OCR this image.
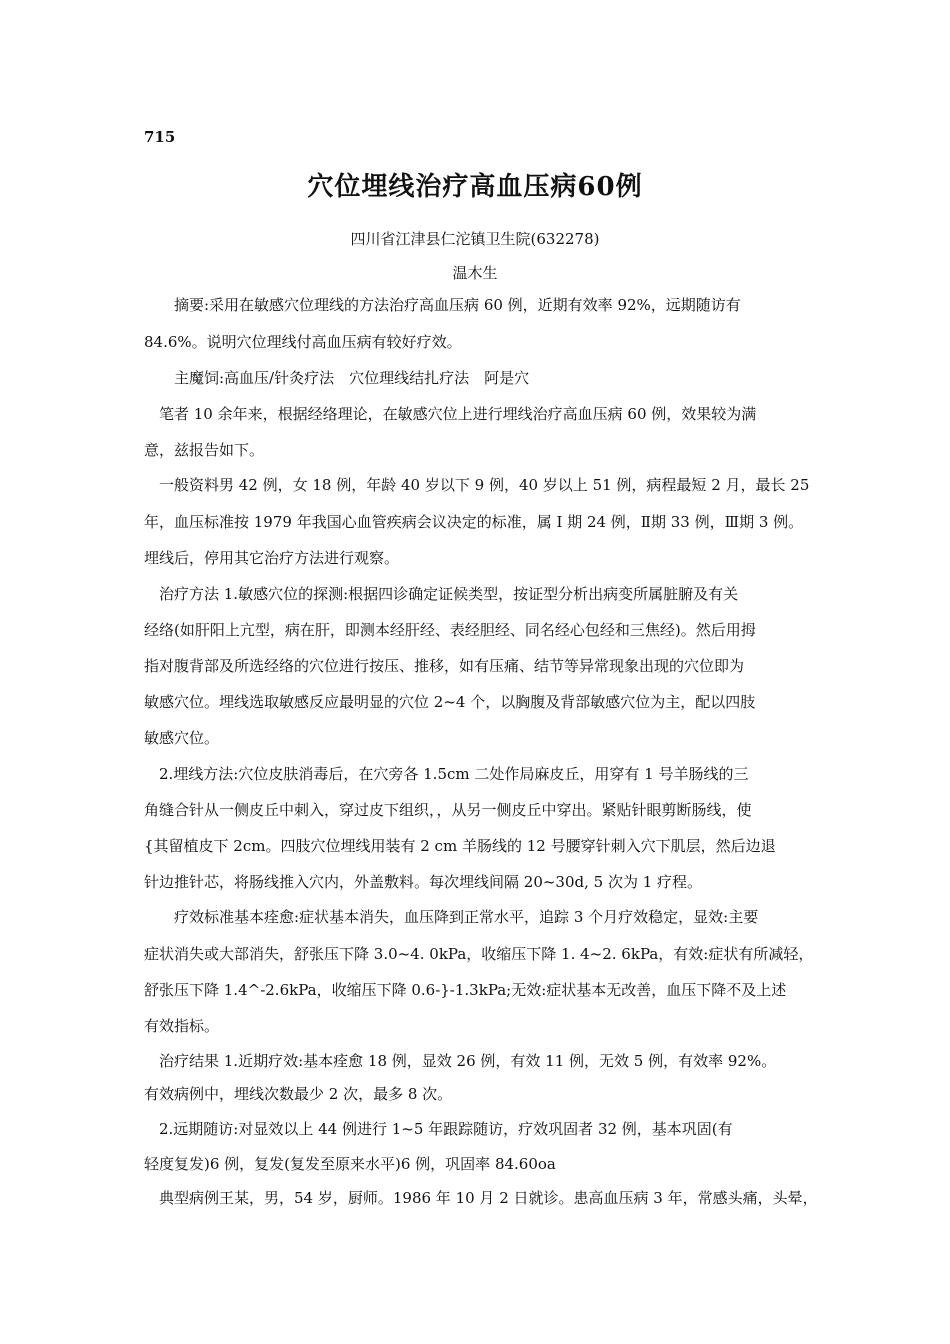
715
穴位埋线治疗高血压病60例
四川省江津县仁沱镇卫生院(632278)
温木生
　　摘要:采用在敏感穴位理线的方法治疗高血压病 60 例，近期有效率 92%，远期随访有
84.6%。说明穴位理线付高血压病有较好疗效。
　　主魔饲:高血压/针灸疗法　穴位理线结扎疗法　阿是穴
　笔者 10 余年来，根据经络理论，在敏感穴位上进行埋线治疗高血压病 60 例，效果较为满
意，兹报告如下。
　一般资料男 42 例，女 18 例，年龄 40 岁以下 9 例，40 岁以上 51 例，病程最短 2 月，最长 25
年，血压标准按 1979 年我国心血管疾病会议决定的标准，属 I 期 24 例，Ⅱ期 33 例，Ⅲ期 3 例。
埋线后，停用其它治疗方法进行观察。
　治疗方法 1.敏感穴位的探测:根据四诊确定证候类型，按证型分析出病变所属脏腑及有关
经络(如肝阳上亢型，病在肝，即测本经肝经、表经胆经、同名经心包经和三焦经)。然后用拇
指对腹背部及所选经络的穴位进行按压、推移，如有压痛、结节等异常现象出现的穴位即为
敏感穴位。埋线选取敏感反应最明显的穴位 2~4 个，以胸腹及背部敏感穴位为主，配以四肢
敏感穴位。
　2.埋线方法:穴位皮肤消毒后，在穴旁各 1.5cm 二处作局麻皮丘，用穿有 1 号羊肠线的三
角缝合针从一侧皮丘中刺入，穿过皮下组织，，从另一侧皮丘中穿出。紧贴针眼剪断肠线，使
{其留植皮下 2cm。四肢穴位埋线用装有 2 cm 羊肠线的 12 号腰穿针刺入穴下肌层，然后边退
针边推针芯，将肠线推入穴内，外盖敷料。每次埋线间隔 20~30d, 5 次为 1 疗程。
　　疗效标准基本痊愈:症状基本消失，血压降到正常水平，追踪 3 个月疗效稳定，显效:主要
症状消失或大部消失，舒张压下降 3.0~4. 0kPa，收缩压下降 1. 4~2. 6kPa，有效:症状有所减轻，
舒张压下降 1.4^-2.6kPa，收缩压下降 0.6-}-1.3kPa;无效:症状基本无改善，血压下降不及上述
有效指标。
　治疗结果 1.近期疗效:基本痊愈 18 例，显效 26 例，有效 11 例，无效 5 例，有效率 92%。
有效病例中，埋线次数最少 2 次，最多 8 次。
　2.远期随访:对显效以上 44 例进行 1~5 年跟踪随访，疗效巩固者 32 例，基本巩固(有
轻度复发)6 例，复发(复发至原来水平)6 例，巩固率 84.60oa
　典型病例王某，男，54 岁，厨师。1986 年 10 月 2 日就诊。患高血压病 3 年，常感头痛，头晕，
